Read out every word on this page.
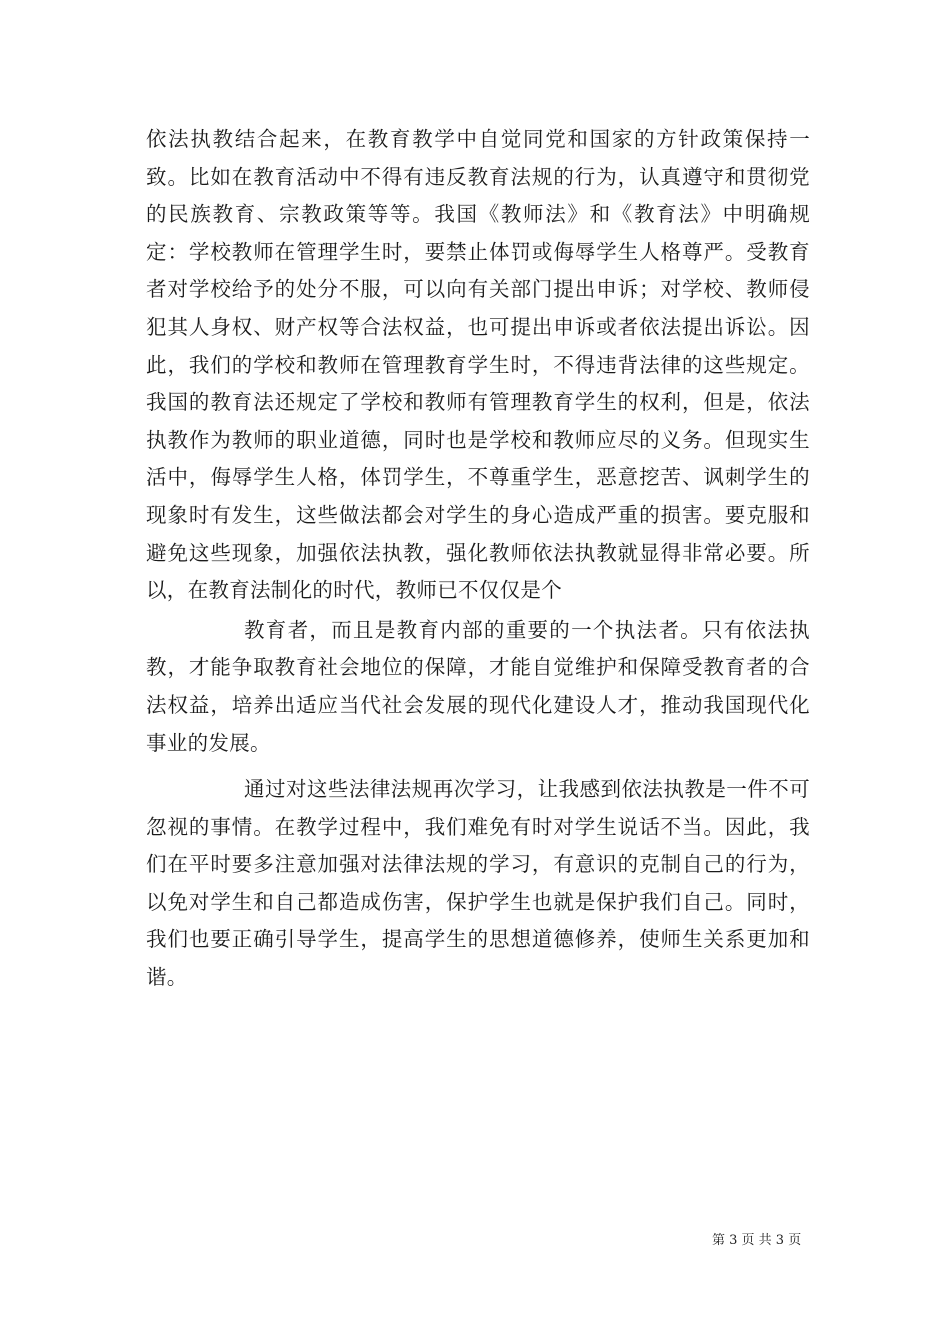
依法执教结合起来，在教育教学中自觉同党和国家的方针政策保持一致。比如在教育活动中不得有违反教育法规的行为，认真遵守和贯彻党的民族教育、宗教政策等等。我国《教师法》和《教育法》中明确规定：学校教师在管理学生时，要禁止体罚或侮辱学生人格尊严。受教育者对学校给予的处分不服，可以向有关部门提出申诉；对学校、教师侵犯其人身权、财产权等合法权益，也可提出申诉或者依法提出诉讼。因此，我们的学校和教师在管理教育学生时，不得违背法律的这些规定。我国的教育法还规定了学校和教师有管理教育学生的权利，但是，依法执教作为教师的职业道德，同时也是学校和教师应尽的义务。但现实生活中，侮辱学生人格，体罚学生，不尊重学生，恶意挖苦、讽刺学生的现象时有发生，这些做法都会对学生的身心造成严重的损害。要克服和避免这些现象，加强依法执教，强化教师依法执教就显得非常必要。所以，在教育法制化的时代，教师已不仅仅是个

教育者，而且是教育内部的重要的一个执法者。只有依法执教，才能争取教育社会地位的保障，才能自觉维护和保障受教育者的合法权益，培养出适应当代社会发展的现代化建设人才，推动我国现代化事业的发展。

通过对这些法律法规再次学习，让我感到依法执教是一件不可忽视的事情。在教学过程中，我们难免有时对学生说话不当。因此，我们在平时要多注意加强对法律法规的学习，有意识的克制自己的行为，以免对学生和自己都造成伤害，保护学生也就是保护我们自己。同时，我们也要正确引导学生，提高学生的思想道德修养，使师生关系更加和谐。

第 3 页 共 3 页
